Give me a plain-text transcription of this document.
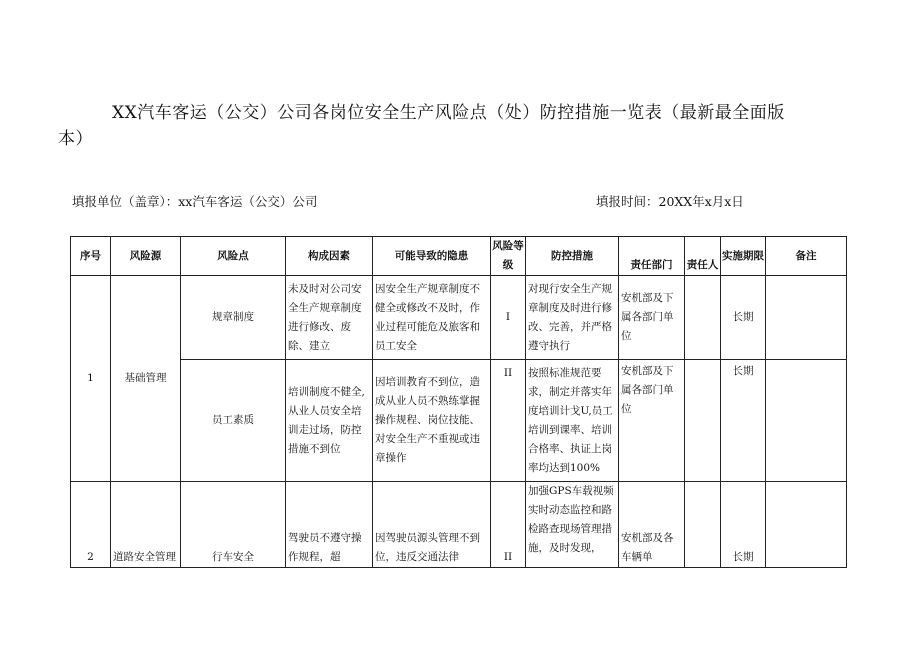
XX汽车客运（公交）公司各岗位安全生产风险点（处）防控措施一览表（最新最全面版本）
填报单位（盖章）：xx汽车客运（公交）公司	填报时间：20XX年x月x日
序号	风险源	风险点	构成因素	可能导致的隐患	风险等级	防控措施	责任部门	责任人	实施期限	备注
1	基础管理	规章制度	未及时对公司安全生产规章制度进行修改、废除、建立	因安全生产规章制度不健全或修改不及时，作业过程可能危及旅客和员工安全	I	对现行安全生产规章制度及时进行修改、完善，并严格遵守执行	安机部及下属各部门单位		长期	
		员工素质	培训制度不健全,从业人员安全培训走过场，防控措施不到位	因培训教育不到位，造成从业人员不熟练掌握操作规程、岗位技能、对安全生产不重视或违章操作	II	按照标准规范要求，制定并落实年度培训计戈U,员工培训到课率、培训合格率、执证上岗率均达到100%	安机部及下属各部门单位		长期	
2	道路安全管理	行车安全	驾驶员不遵守操作规程，超	因驾驶员源头管理不到位，违反交通法律	II	加强GPS车载视频实时动态监控和路检路查现场管理措施，及时发现，	安机部及各车辆单		长期	
